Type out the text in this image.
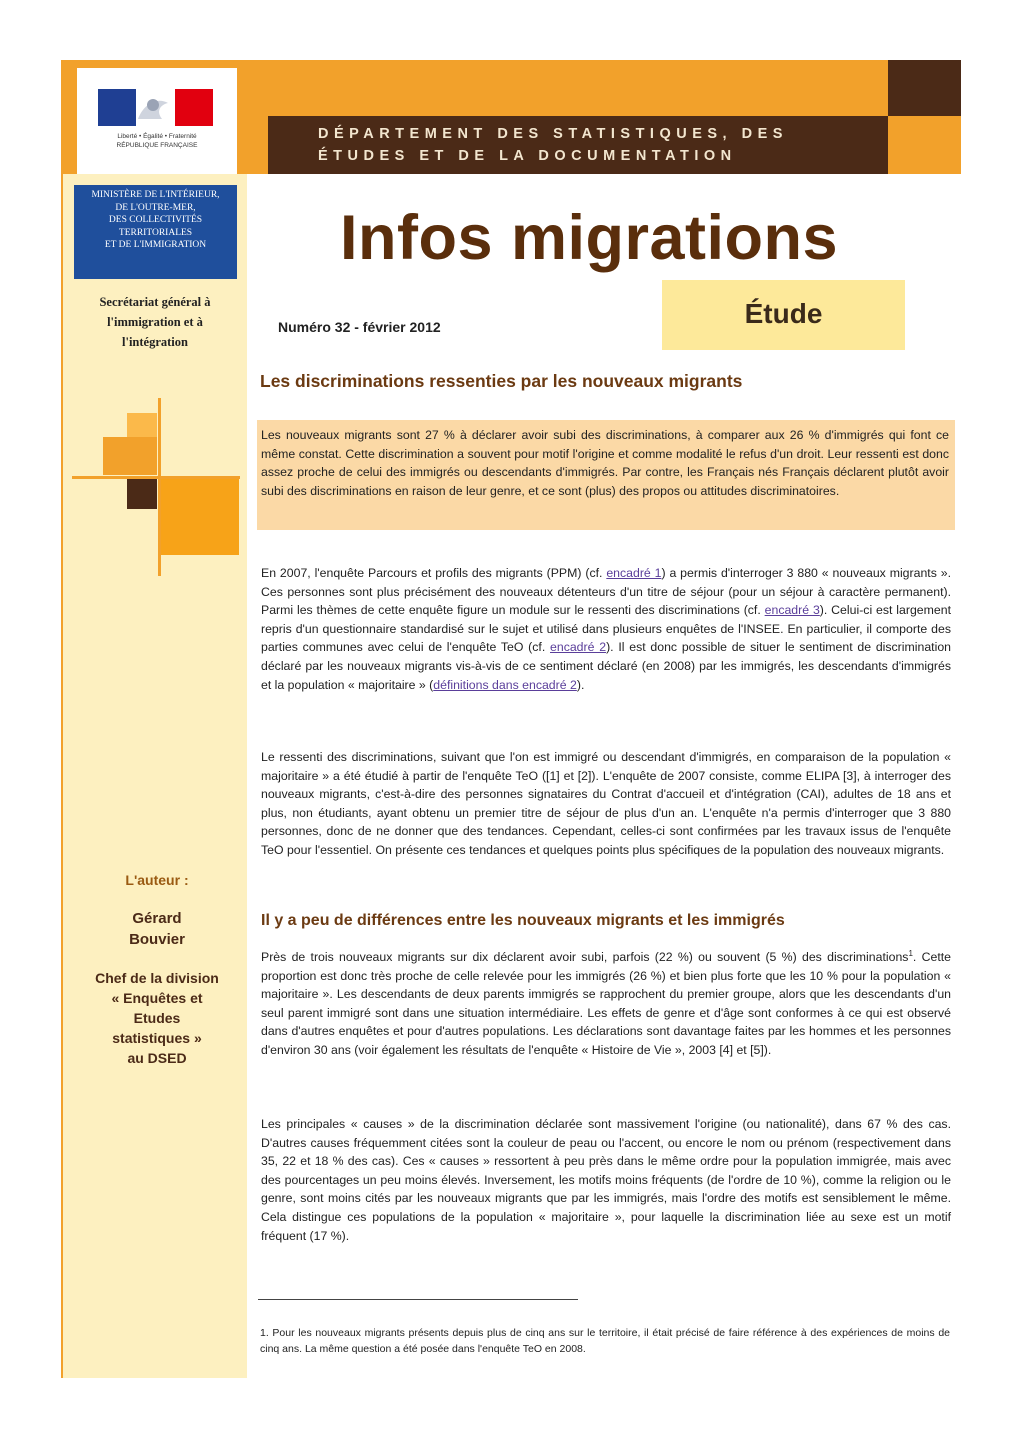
DÉPARTEMENT DES STATISTIQUES, DES
ÉTUDES ET DE LA DOCUMENTATION
Liberté • Égalité • Fraternité
RÉPUBLIQUE FRANÇAISE
MINISTÈRE DE L'INTÉRIEUR,
DE L'OUTRE-MER,
DES COLLECTIVITÉS
TERRITORIALES
ET DE L'IMMIGRATION
Secrétariat général à
l'immigration et à
l'intégration
L'auteur :
Gérard
Bouvier
Chef de la division
« Enquêtes et
Etudes
statistiques »
au DSED
Infos migrations
Étude
Numéro 32 - février 2012
Les discriminations ressenties par les nouveaux migrants
Les nouveaux migrants sont 27 % à déclarer avoir subi des discriminations, à comparer aux 26 % d'immigrés qui font ce même constat. Cette discrimination a souvent pour motif l'origine et comme modalité le refus d'un droit. Leur ressenti est donc assez proche de celui des immigrés ou descendants d'immigrés. Par contre, les Français nés Français déclarent plutôt avoir subi des discriminations en raison de leur genre, et ce sont (plus) des propos ou attitudes discriminatoires.
En 2007, l'enquête Parcours et profils des migrants (PPM) (cf. encadré 1) a permis d'interroger 3 880 « nouveaux migrants ». Ces personnes sont plus précisément des nouveaux détenteurs d'un titre de séjour (pour un séjour à caractère permanent). Parmi les thèmes de cette enquête figure un module sur le ressenti des discriminations (cf. encadré 3). Celui-ci est largement repris d'un questionnaire standardisé sur le sujet et utilisé dans plusieurs enquêtes de l'INSEE. En particulier, il comporte des parties communes avec celui de l'enquête TeO (cf. encadré 2). Il est donc possible de situer le sentiment de discrimination déclaré par les nouveaux migrants vis-à-vis de ce sentiment déclaré (en 2008) par les immigrés, les descendants d'immigrés et la population « majoritaire » (définitions dans encadré 2).
Le ressenti des discriminations, suivant que l'on est immigré ou descendant d'immigrés, en comparaison de la population « majoritaire » a été étudié à partir de l'enquête TeO ([1] et [2]). L'enquête de 2007 consiste, comme ELIPA [3], à interroger des nouveaux migrants, c'est-à-dire des personnes signataires du Contrat d'accueil et d'intégration (CAI), adultes de 18 ans et plus, non étudiants, ayant obtenu un premier titre de séjour de plus d'un an. L'enquête n'a permis d'interroger que 3 880 personnes, donc de ne donner que des tendances. Cependant, celles-ci sont confirmées par les travaux issus de l'enquête TeO pour l'essentiel. On présente ces tendances et quelques points plus spécifiques de la population des nouveaux migrants.
Il y a peu de différences entre les nouveaux migrants et les immigrés
Près de trois nouveaux migrants sur dix déclarent avoir subi, parfois (22 %) ou souvent (5 %) des discriminations$^1$. Cette proportion est donc très proche de celle relevée pour les immigrés (26 %) et bien plus forte que les 10 % pour la population « majoritaire ». Les descendants de deux parents immigrés se rapprochent du premier groupe, alors que les descendants d'un seul parent immigré sont dans une situation intermédiaire. Les effets de genre et d'âge sont conformes à ce qui est observé dans d'autres enquêtes et pour d'autres populations. Les déclarations sont davantage faites par les hommes et les personnes d'environ 30 ans (voir également les résultats de l'enquête « Histoire de Vie », 2003 [4] et [5]).
Les principales « causes » de la discrimination déclarée sont massivement l'origine (ou nationalité), dans 67 % des cas. D'autres causes fréquemment citées sont la couleur de peau ou l'accent, ou encore le nom ou prénom (respectivement dans 35, 22 et 18 % des cas). Ces « causes » ressortent à peu près dans le même ordre pour la population immigrée, mais avec des pourcentages un peu moins élevés. Inversement, les motifs moins fréquents (de l'ordre de 10 %), comme la religion ou le genre, sont moins cités par les nouveaux migrants que par les immigrés, mais l'ordre des motifs est sensiblement le même. Cela distingue ces populations de la population « majoritaire », pour laquelle la discrimination liée au sexe est un motif fréquent (17 %).
1. Pour les nouveaux migrants présents depuis plus de cinq ans sur le territoire, il était précisé de faire référence à des expériences de moins de cinq ans. La même question a été posée dans l'enquête TeO en 2008.
